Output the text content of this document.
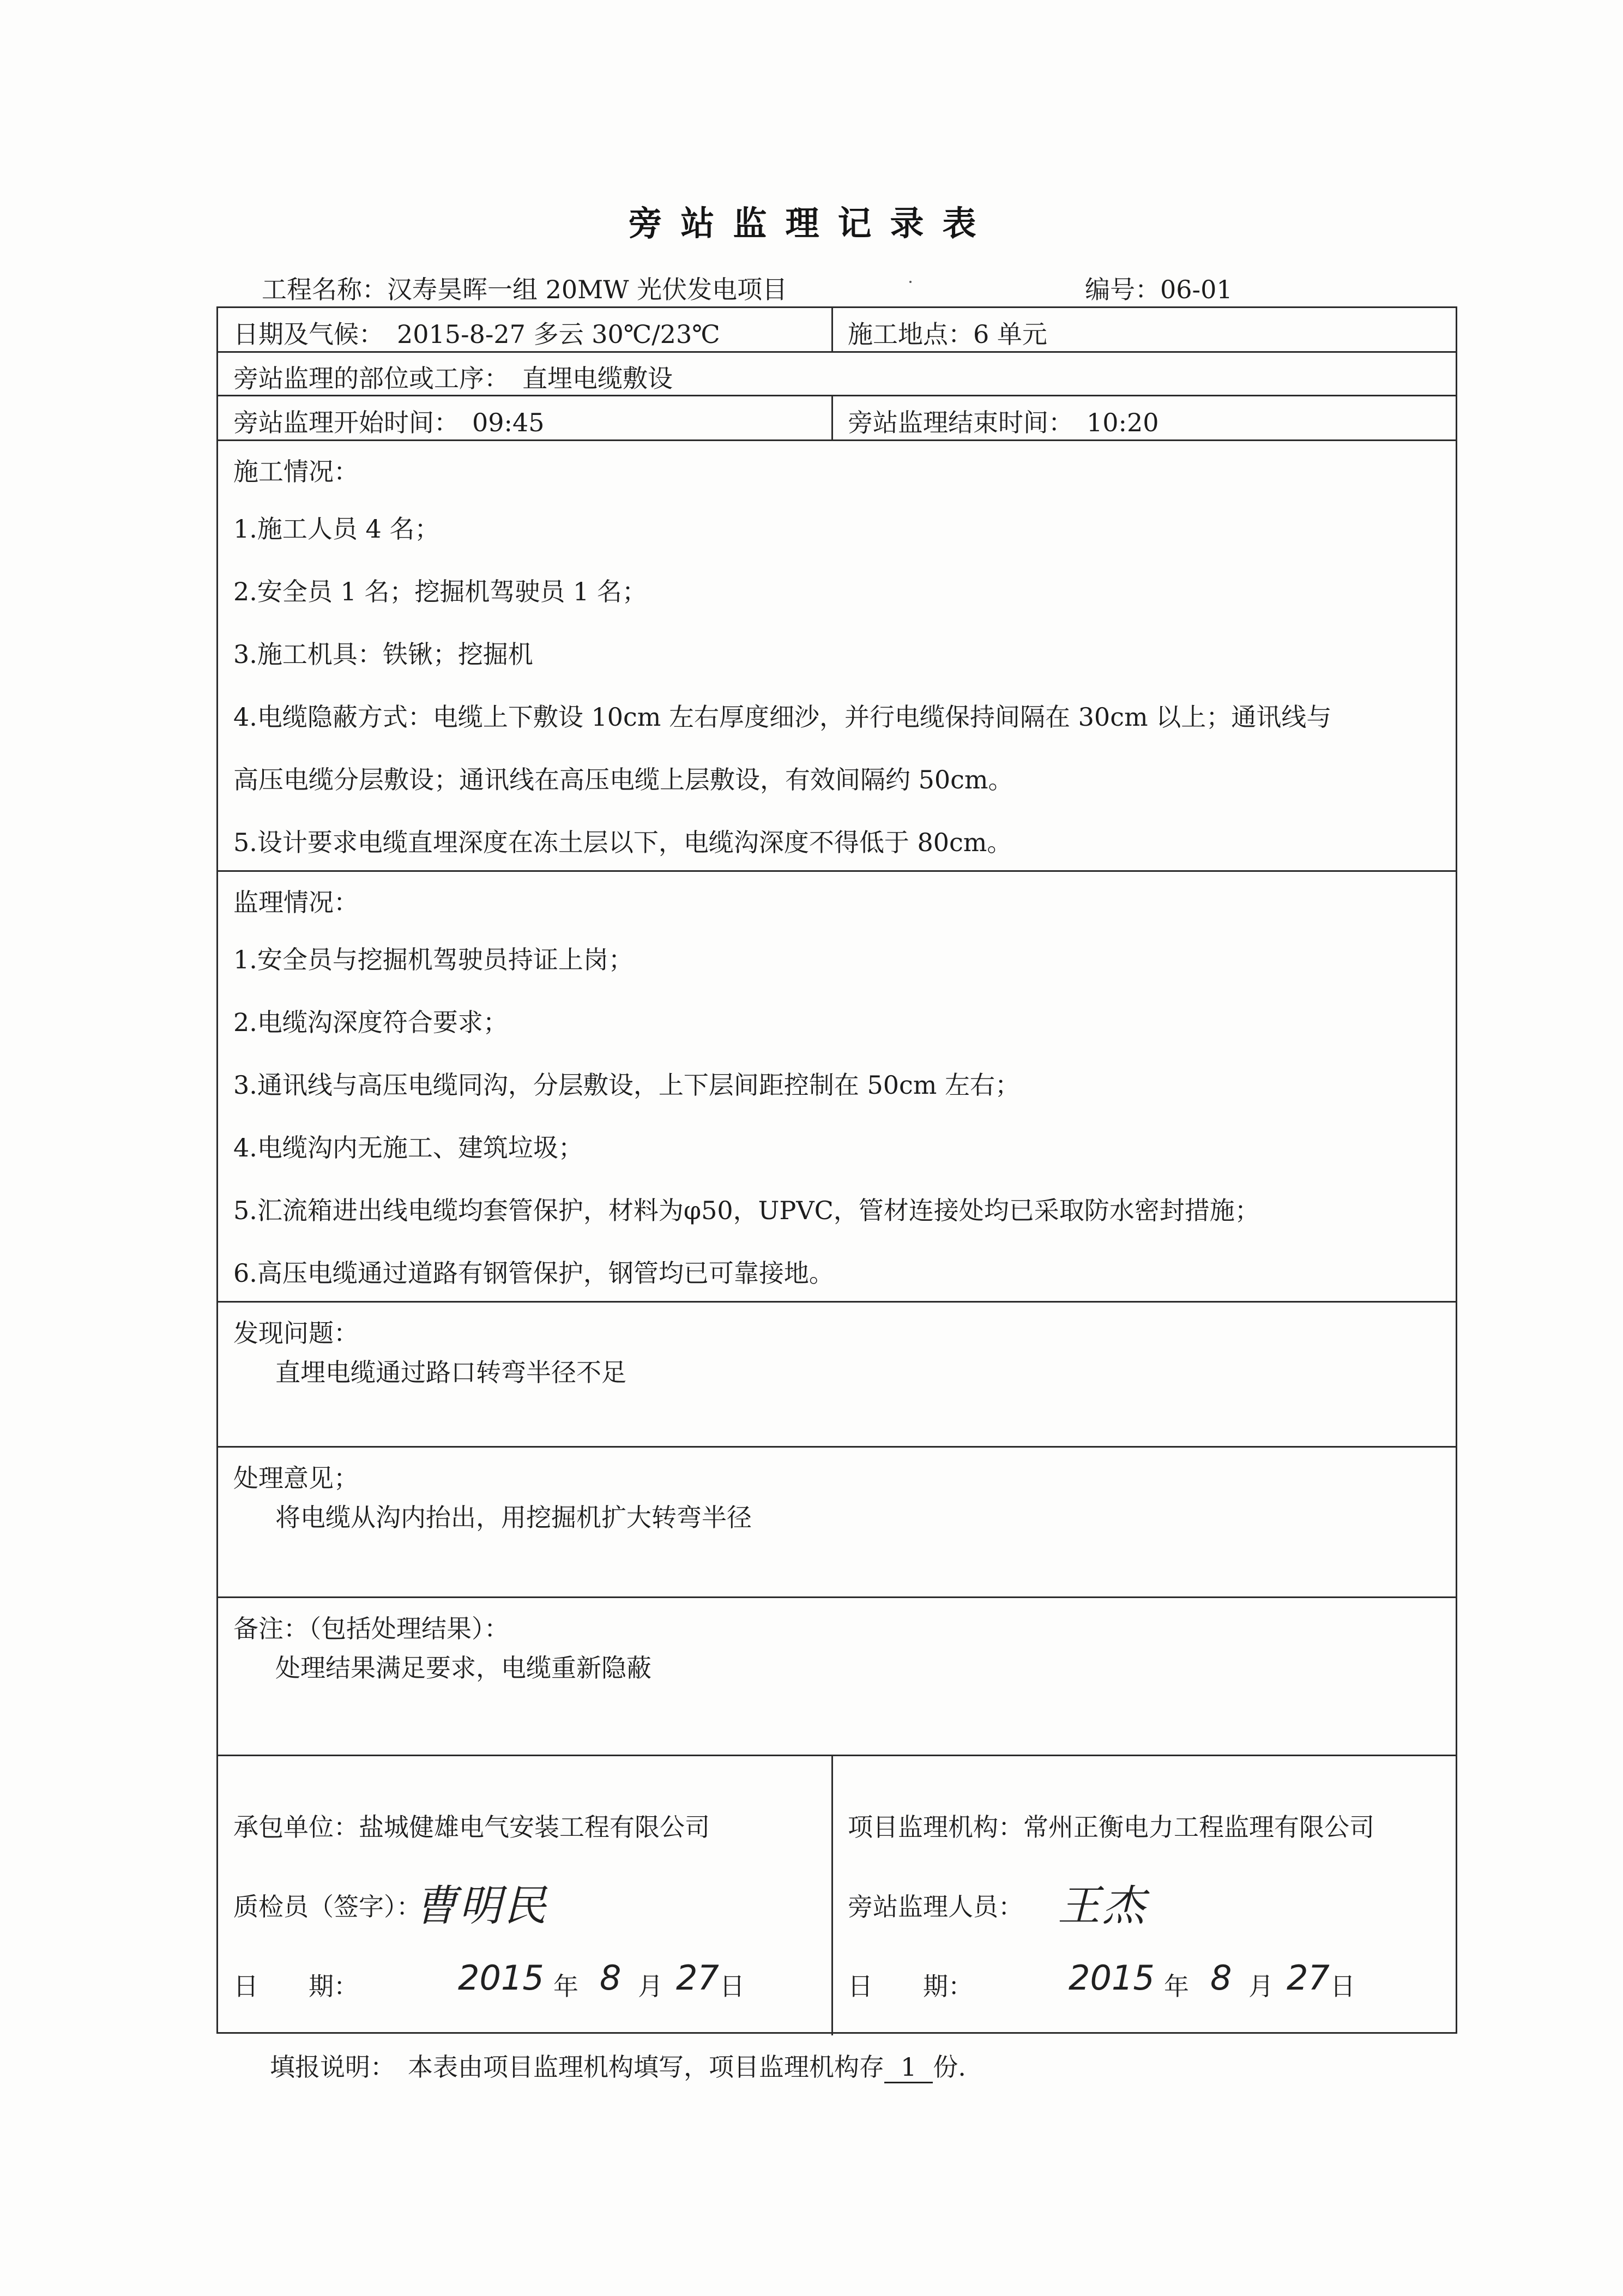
旁站监理记录表
工程名称：汉寿昊晖一组 20MW 光伏发电项目	编号：06-01
日期及气候： 2015-8-27 多云 30℃/23℃	施工地点：6 单元
旁站监理的部位或工序： 直埋电缆敷设
旁站监理开始时间： 09:45	旁站监理结束时间： 10:20
施工情况：
1.施工人员 4 名；
2.安全员 1 名；挖掘机驾驶员 1 名；
3.施工机具：铁锹；挖掘机
4.电缆隐蔽方式：电缆上下敷设 10cm 左右厚度细沙，并行电缆保持间隔在 30cm 以上；通讯线与
高压电缆分层敷设；通讯线在高压电缆上层敷设，有效间隔约 50cm。
5.设计要求电缆直埋深度在冻土层以下，电缆沟深度不得低于 80cm。
监理情况：
1.安全员与挖掘机驾驶员持证上岗；
2.电缆沟深度符合要求；
3.通讯线与高压电缆同沟，分层敷设，上下层间距控制在 50cm 左右；
4.电缆沟内无施工、建筑垃圾；
5.汇流箱进出线电缆均套管保护，材料为φ50，UPVC，管材连接处均已采取防水密封措施；
6.高压电缆通过道路有钢管保护，钢管均已可靠接地。
发现问题：
直埋电缆通过路口转弯半径不足
处理意见；
将电缆从沟内抬出，用挖掘机扩大转弯半径
备注：（包括处理结果）：
处理结果满足要求，电缆重新隐蔽
承包单位：盐城健雄电气安装工程有限公司
质检员（签字）：
曹明民
日　　期：	2015 年 8 月 27 日
项目监理机构：常州正衡电力工程监理有限公司
旁站监理人员： 王杰
日　　期：	2015 年 8 月 27 日
填报说明：　本表由项目监理机构填写，项目监理机构存 1 份.
